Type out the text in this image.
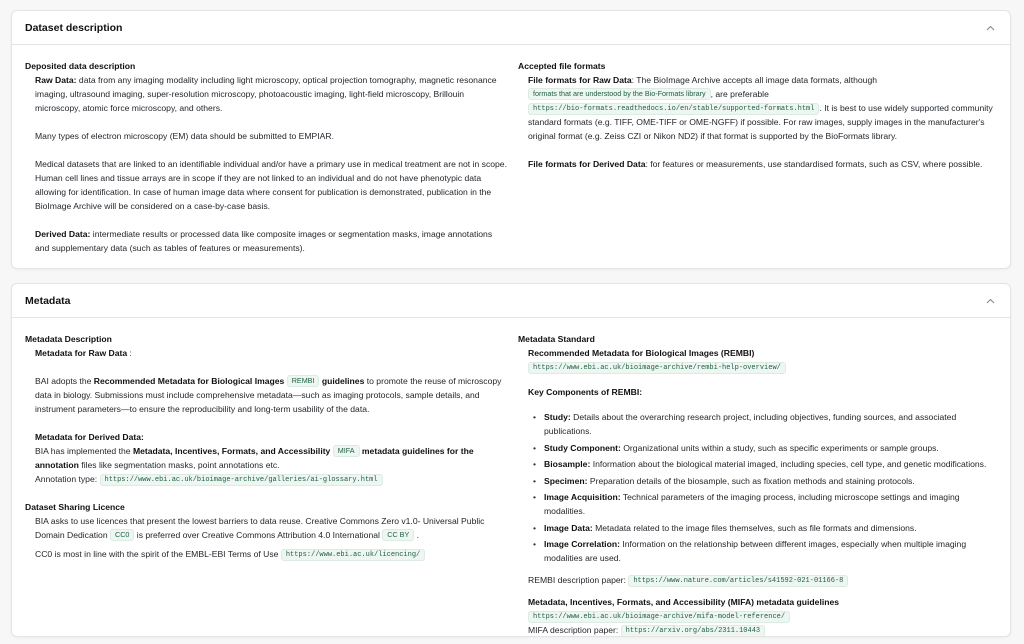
Dataset description

Deposited data description

Raw Data: data from any imaging modality including light microscopy, optical projection tomography, magnetic resonance imaging, ultrasound imaging, super-resolution microscopy, photoacoustic imaging, light-field microscopy, Brillouin microscopy, atomic force microscopy, and others.

Many types of electron microscopy (EM) data should be submitted to EMPIAR.

Medical datasets that are linked to an identifiable individual and/or have a primary use in medical treatment are not in scope. Human cell lines and tissue arrays are in scope if they are not linked to an individual and do not have phenotypic data allowing for identification. In case of human image data where consent for publication is demonstrated, publication in the BioImage Archive will be considered on a case-by-case basis.

Derived Data: intermediate results or processed data like composite images or segmentation masks, image annotations and supplementary data (such as tables of features or measurements).

Accepted file formats

File formats for Raw Data: The BioImage Archive accepts all image data formats, although formats that are understood by the Bio-Formats library , are preferable https://bio-formats.readthedocs.io/en/stable/supported-formats.html . It is best to use widely supported community standard formats (e.g. TIFF, OME-TIFF or OME-NGFF) if possible. For raw images, supply images in the manufacturer's original format (e.g. Zeiss CZI or Nikon ND2) if that format is supported by the BioFormats library.

File formats for Derived Data: for features or measurements, use standardised formats, such as CSV, where possible.

Metadata

Metadata Description

Metadata for Raw Data :

BAI adopts the Recommended Metadata for Biological Images REMBI guidelines to promote the reuse of microscopy data in biology. Submissions must include comprehensive metadata—such as imaging protocols, sample details, and instrument parameters—to ensure the reproducibility and long-term usability of the data.

Metadata for Derived Data:

BIA has implemented the Metadata, Incentives, Formats, and Accessibility MIFA metadata guidelines for the annotation files like segmentation masks, point annotations etc.

Annotation type: https://www.ebi.ac.uk/bioimage-archive/galleries/ai-glossary.html

Dataset Sharing Licence

BIA asks to use licences that present the lowest barriers to data reuse. Creative Commons Zero v1.0- Universal Public Domain Dedication CC0 is preferred over Creative Commons Attribution 4.0 International CC BY .

CC0 is most in line with the spirit of the EMBL-EBI Terms of Use https://www.ebi.ac.uk/licencing/

Metadata Standard

Recommended Metadata for Biological Images (REMBI) https://www.ebi.ac.uk/bioimage-archive/rembi-help-overview/

Key Components of REMBI:

• Study: Details about the overarching research project, including objectives, funding sources, and associated publications.
• Study Component: Organizational units within a study, such as specific experiments or sample groups.
• Biosample: Information about the biological material imaged, including species, cell type, and genetic modifications.
• Specimen: Preparation details of the biosample, such as fixation methods and staining protocols.
• Image Acquisition: Technical parameters of the imaging process, including microscope settings and imaging modalities.
• Image Data: Metadata related to the image files themselves, such as file formats and dimensions.
• Image Correlation: Information on the relationship between different images, especially when multiple imaging modalities are used.

REMBI description paper: https://www.nature.com/articles/s41592-021-01166-8

Metadata, Incentives, Formats, and Accessibility (MIFA) metadata guidelines https://www.ebi.ac.uk/bioimage-archive/mifa-model-reference/

MIFA description paper: https://arxiv.org/abs/2311.10443
